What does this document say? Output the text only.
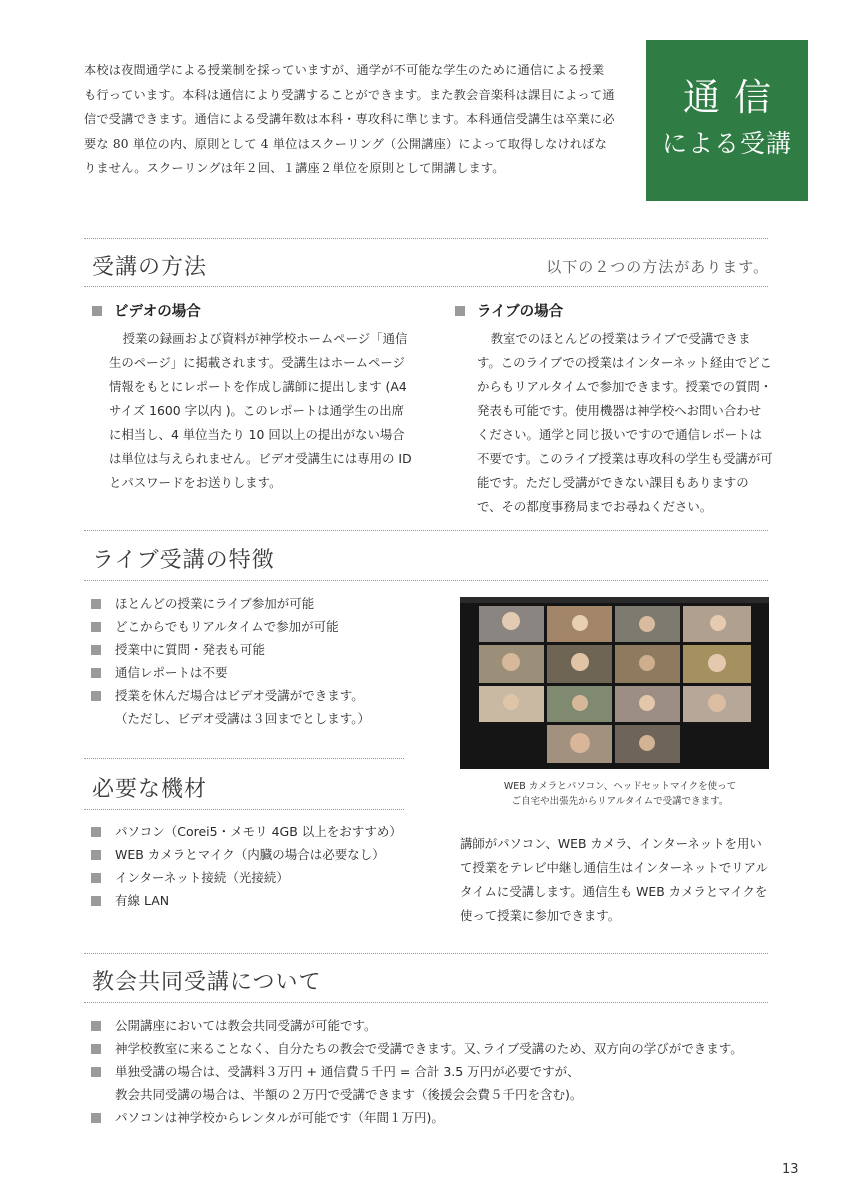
本校は夜間通学による授業制を採っていますが、通学が不可能な学生のために通信による授業も行っています。本科は通信により受講することができます。また教会音楽科は課目によって通信で受講できます。通信による受講年数は本科・専攻科に準じます。本科通信受講生は卒業に必要な 80 単位の内、原則として 4 単位はスクーリング（公開講座）によって取得しなければなりません。スクーリングは年２回、１講座２単位を原則として開講します。
通信
による受講
受講の方法	以下の２つの方法があります。
ビデオの場合
授業の録画および資料が神学校ホームページ「通信生のページ」に掲載されます。受講生はホームページ情報をもとにレポートを作成し講師に提出します (A4 サイズ 1600 字以内 )。このレポートは通学生の出席に相当し、4 単位当たり 10 回以上の提出がない場合は単位は与えられません。ビデオ受講生には専用の ID とパスワードをお送りします。
ライブの場合
教室でのほとんどの授業はライブで受講できます。このライブでの授業はインターネット経由でどこからもリアルタイムで参加できます。授業での質問・発表も可能です。使用機器は神学校へお問い合わせください。通学と同じ扱いですので通信レポートは不要です。このライブ授業は専攻科の学生も受講が可能です。ただし受講ができない課目もありますので、その都度事務局までお尋ねください。
ライブ受講の特徴
ほとんどの授業にライブ参加が可能
どこからでもリアルタイムで参加が可能
授業中に質問・発表も可能
通信レポートは不要
授業を休んだ場合はビデオ受講ができます。
（ただし、ビデオ受講は３回までとします。）
WEB カメラとパソコン、ヘッドセットマイクを使って
ご自宅や出張先からリアルタイムで受講できます。
必要な機材
パソコン（Corei5・メモリ 4GB 以上をおすすめ）
WEB カメラとマイク（内臓の場合は必要なし）
インターネット接続（光接続）
有線 LAN
講師がパソコン、WEB カメラ、インターネットを用いて授業をテレビ中継し通信生はインターネットでリアルタイムに受講します。通信生も WEB カメラとマイクを使って授業に参加できます。
教会共同受講について
公開講座においては教会共同受講が可能です。
神学校教室に来ることなく、自分たちの教会で受講できます。又､ライブ受講のため、双方向の学びができます。
単独受講の場合は、受講料３万円 + 通信費５千円 = 合計 3.5 万円が必要ですが、
教会共同受講の場合は、半額の２万円で受講できます（後援会会費５千円を含む)。
パソコンは神学校からレンタルが可能です（年間１万円)。
13
